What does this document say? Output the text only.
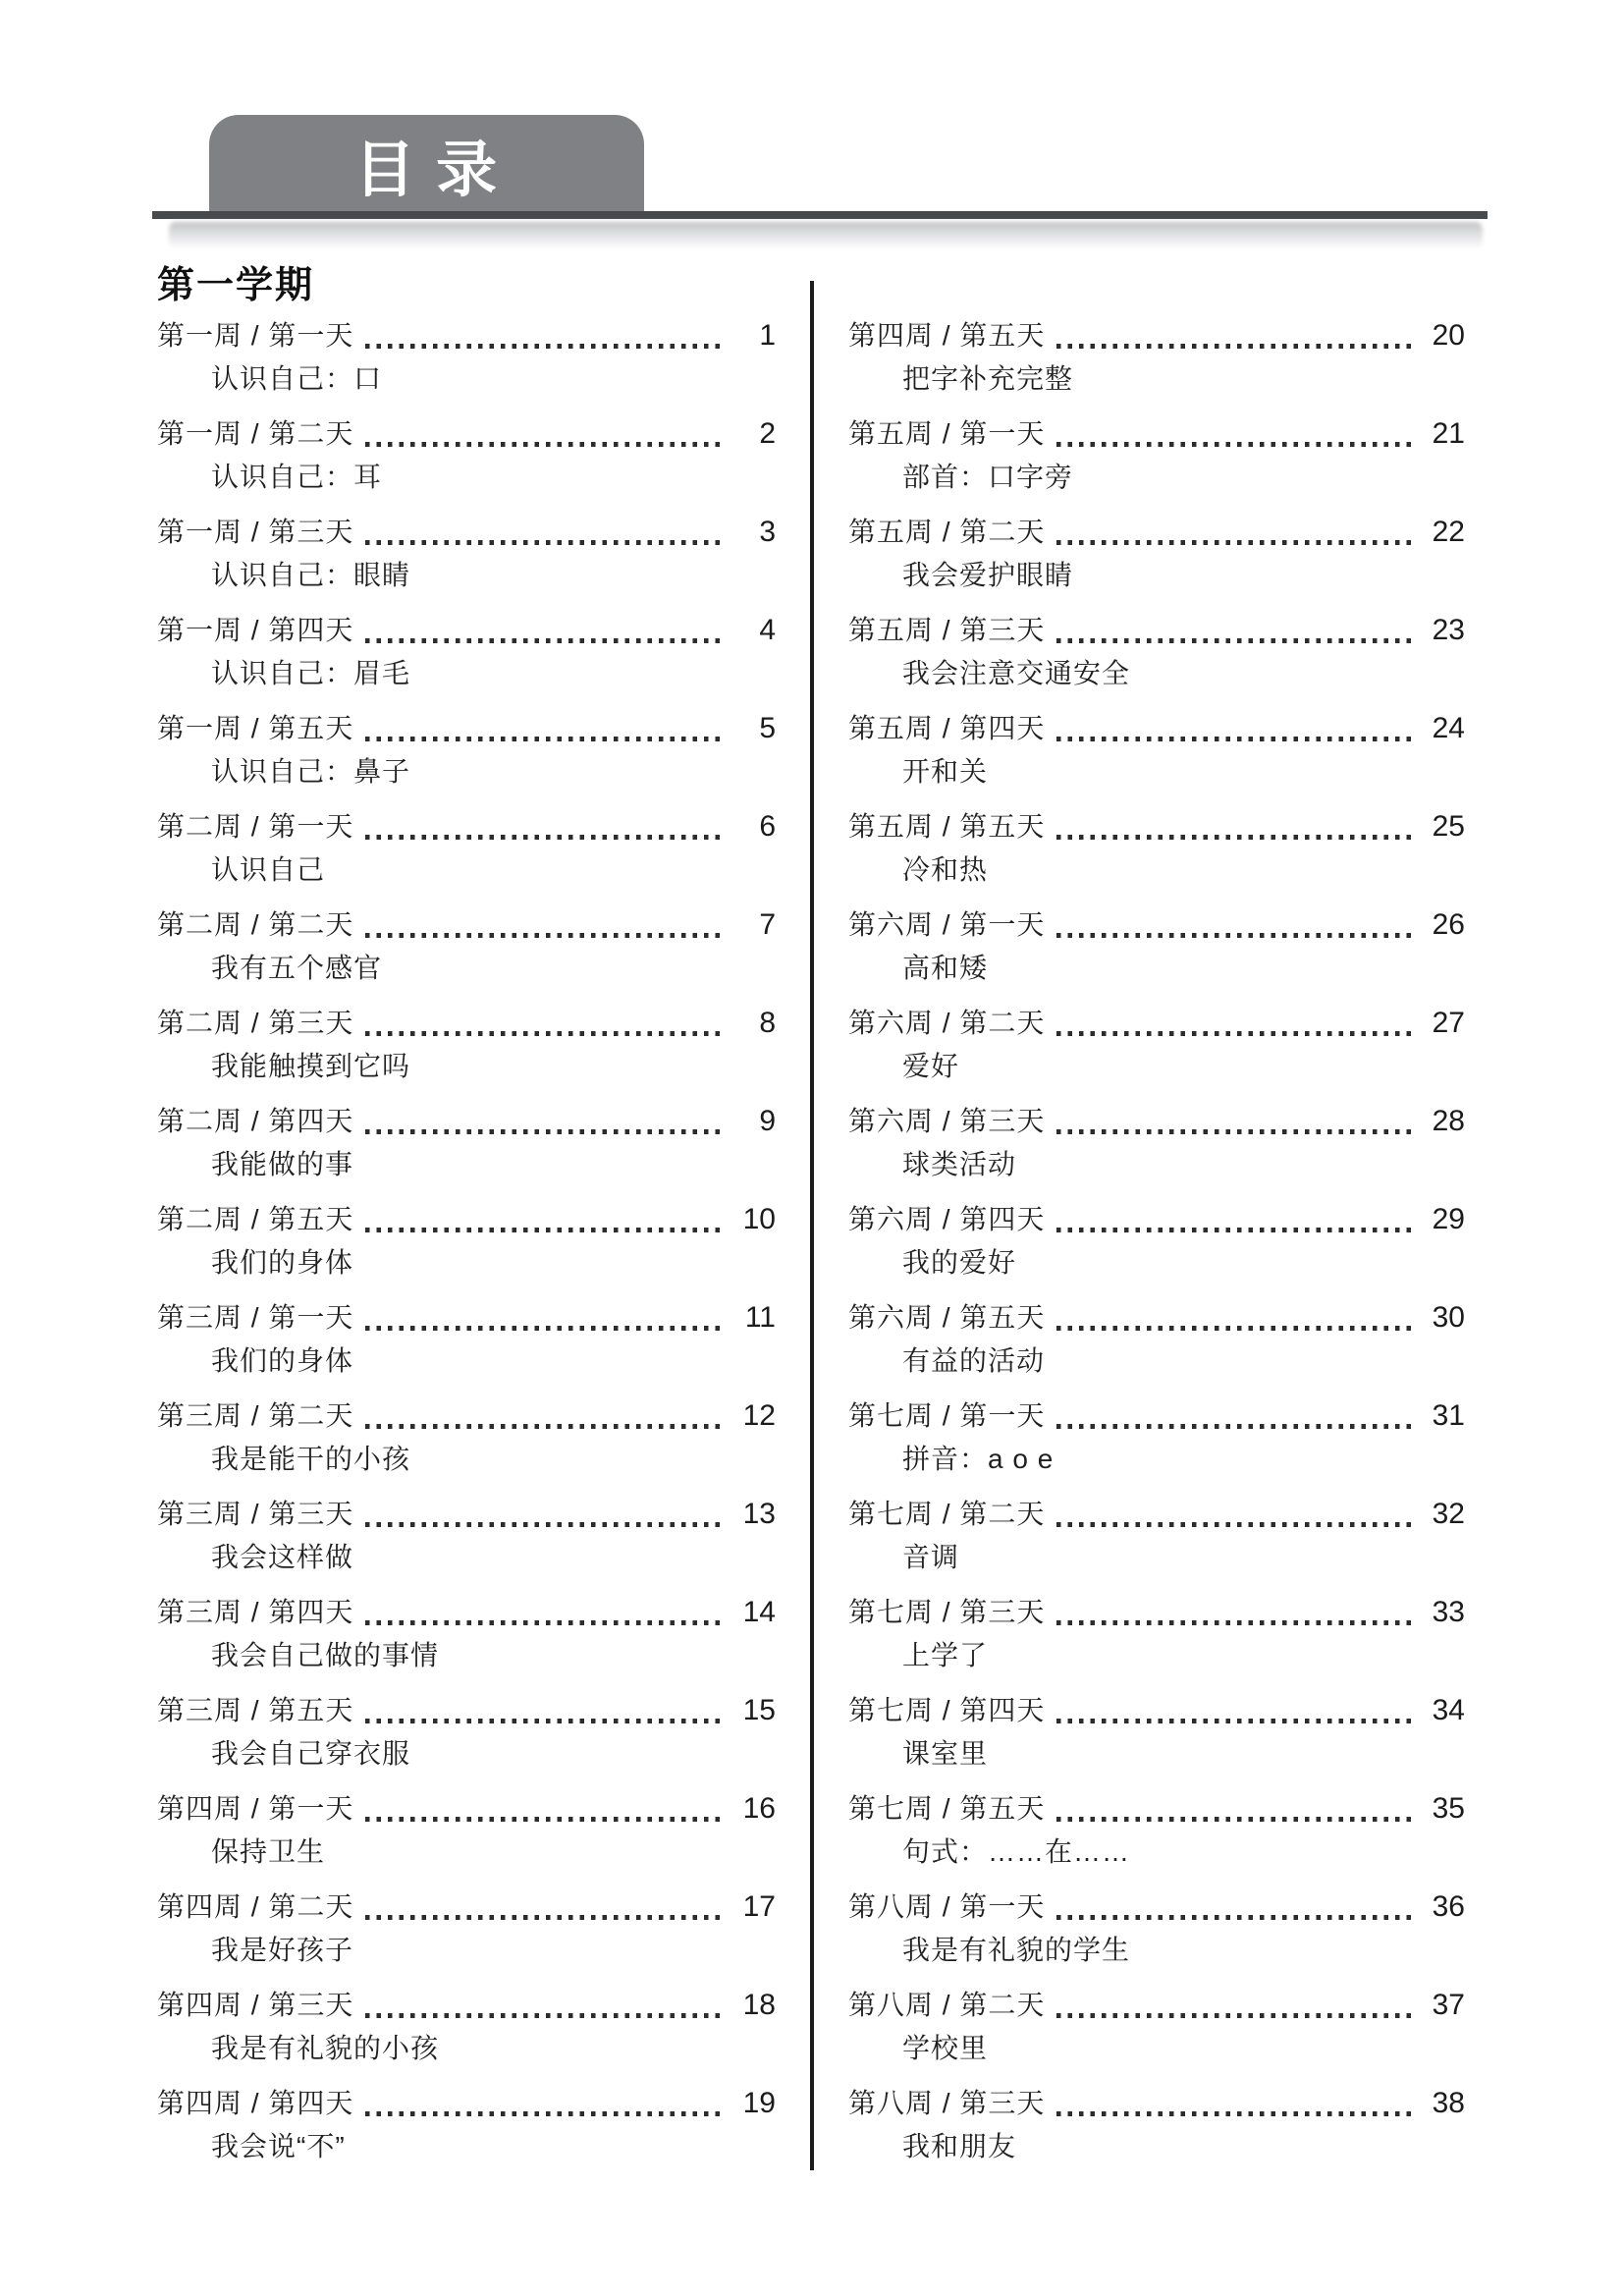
目 录
第一学期
第一周 / 第一天	1
认识自己：口
第一周 / 第二天	2
认识自己：耳
第一周 / 第三天	3
认识自己：眼睛
第一周 / 第四天	4
认识自己：眉毛
第一周 / 第五天	5
认识自己：鼻子
第二周 / 第一天	6
认识自己
第二周 / 第二天	7
我有五个感官
第二周 / 第三天	8
我能触摸到它吗
第二周 / 第四天	9
我能做的事
第二周 / 第五天	10
我们的身体
第三周 / 第一天	11
我们的身体
第三周 / 第二天	12
我是能干的小孩
第三周 / 第三天	13
我会这样做
第三周 / 第四天	14
我会自己做的事情
第三周 / 第五天	15
我会自己穿衣服
第四周 / 第一天	16
保持卫生
第四周 / 第二天	17
我是好孩子
第四周 / 第三天	18
我是有礼貌的小孩
第四周 / 第四天	19
我会说“不”
第四周 / 第五天	20
把字补充完整
第五周 / 第一天	21
部首：口字旁
第五周 / 第二天	22
我会爱护眼睛
第五周 / 第三天	23
我会注意交通安全
第五周 / 第四天	24
开和关
第五周 / 第五天	25
冷和热
第六周 / 第一天	26
高和矮
第六周 / 第二天	27
爱好
第六周 / 第三天	28
球类活动
第六周 / 第四天	29
我的爱好
第六周 / 第五天	30
有益的活动
第七周 / 第一天	31
拼音：a o e
第七周 / 第二天	32
音调
第七周 / 第三天	33
上学了
第七周 / 第四天	34
课室里
第七周 / 第五天	35
句式：……在……
第八周 / 第一天	36
我是有礼貌的学生
第八周 / 第二天	37
学校里
第八周 / 第三天	38
我和朋友
